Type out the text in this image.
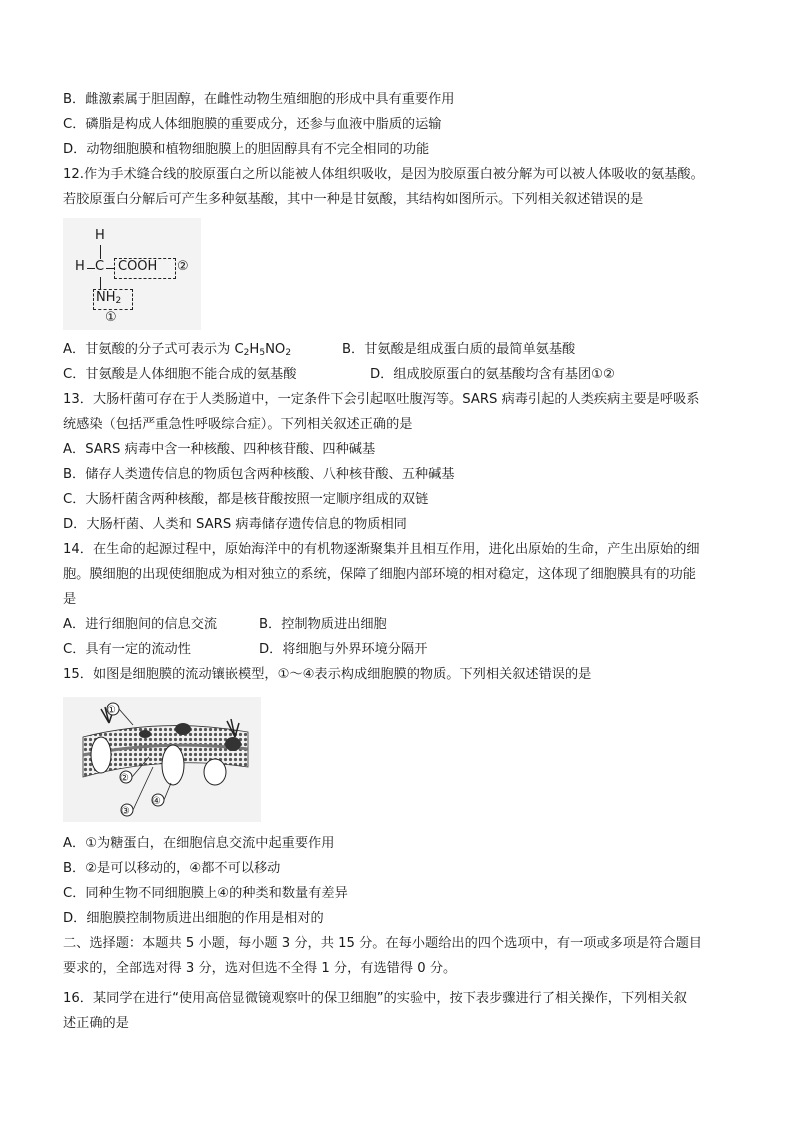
B．雌激素属于胆固醇，在雌性动物生殖细胞的形成中具有重要作用
C．磷脂是构成人体细胞膜的重要成分，还参与血液中脂质的运输
D．动物细胞膜和植物细胞膜上的胆固醇具有不完全相同的功能
12.作为手术缝合线的胶原蛋白之所以能被人体组织吸收，是因为胶原蛋白被分解为可以被人体吸收的氨基酸。
若胶原蛋白分解后可产生多种氨基酸，其中一种是甘氨酸，其结构如图所示。下列相关叙述错误的是
H
H C COOH ②
$NH_2$
①
A．甘氨酸的分子式可表示为 $C_2H_5NO_2$	B．甘氨酸是组成蛋白质的最简单氨基酸
C．甘氨酸是人体细胞不能合成的氨基酸	D．组成胶原蛋白的氨基酸均含有基团①②
13．大肠杆菌可存在于人类肠道中，一定条件下会引起呕吐腹泻等。SARS 病毒引起的人类疾病主要是呼吸系
统感染（包括严重急性呼吸综合症）。下列相关叙述正确的是
A．SARS 病毒中含一种核酸、四种核苷酸、四种碱基
B．储存人类遗传信息的物质包含两种核酸、八种核苷酸、五种碱基
C．大肠杆菌含两种核酸，都是核苷酸按照一定顺序组成的双链
D．大肠杆菌、人类和 SARS 病毒储存遗传信息的物质相同
14．在生命的起源过程中，原始海洋中的有机物逐渐聚集并且相互作用，进化出原始的生命，产生出原始的细
胞。膜细胞的出现使细胞成为相对独立的系统，保障了细胞内部环境的相对稳定，这体现了细胞膜具有的功能
是
A．进行细胞间的信息交流	B．控制物质进出细胞
C．具有一定的流动性	D．将细胞与外界环境分隔开
15．如图是细胞膜的流动镶嵌模型，①～④表示构成细胞膜的物质。下列相关叙述错误的是
①
②
③
④
A．①为糖蛋白，在细胞信息交流中起重要作用
B．②是可以移动的，④都不可以移动
C．同种生物不同细胞膜上④的种类和数量有差异
D．细胞膜控制物质进出细胞的作用是相对的
二、选择题：本题共 5 小题，每小题 3 分，共 15 分。在每小题给出的四个选项中，有一项或多项是符合题目
要求的，全部选对得 3 分，选对但选不全得 1 分，有选错得 0 分。
16．某同学在进行“使用高倍显微镜观察叶的保卫细胞”的实验中，按下表步骤进行了相关操作，下列相关叙
述正确的是
